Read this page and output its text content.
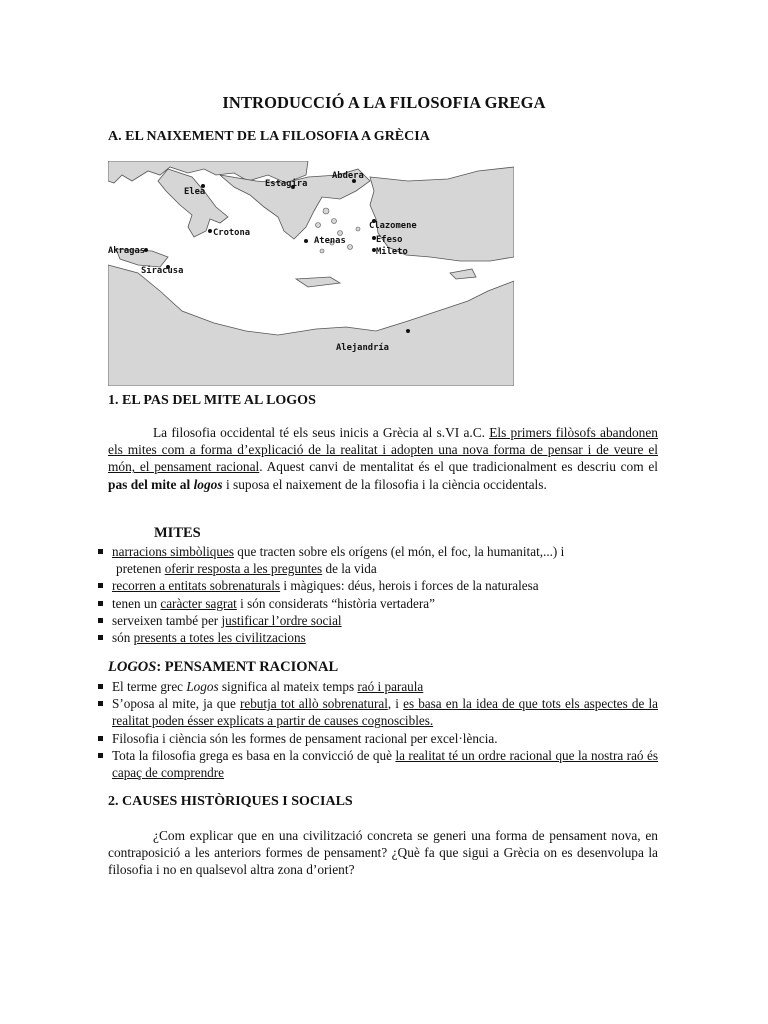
INTRODUCCIÓ A LA FILOSOFIA GREGA
A. EL NAIXEMENT DE LA FILOSOFIA A GRÈCIA
Abdera
Estagira
Elea
Clazomene
Crotona
Atenas	Efeso
Akragas	Mileto
Siracusa
Alejandría
1. EL PAS DEL MITE AL LOGOS

La filosofia occidental té els seus inicis a Grècia al s.VI a.C. Els primers filòsofs abandonen els mites com a forma d’explicació de la realitat i adopten una nova forma de pensar i de veure el món, el pensament racional. Aquest canvi de mentalitat és el que tradicionalment es descriu com el pas del mite al logos i suposa el naixement de la filosofia i la ciència occidentals.

MITES
narracions simbòliques que tracten sobre els orígens (el món, el foc, la humanitat,...) i
pretenen oferir resposta a les preguntes de la vida
recorren a entitats sobrenaturals i màgiques: déus, herois i forces de la naturalesa
tenen un caràcter sagrat i són considerats “història vertadera”
serveixen també per justificar l’ordre social
són presents a totes les civilitzacions
LOGOS: PENSAMENT RACIONAL
El terme grec Logos significa al mateix temps raó i paraula
S’oposa al mite, ja que rebutja tot allò sobrenatural, i es basa en la idea de que tots els aspectes de la realitat poden ésser explicats a partir de causes cognoscibles.
Filosofia i ciència són les formes de pensament racional per excel·lència.
Tota la filosofia grega es basa en la convicció de què la realitat té un ordre racional que la nostra raó és capaç de comprendre
2. CAUSES HISTÒRIQUES I SOCIALS

¿Com explicar que en una civilització concreta se generi una forma de pensament nova, en contraposició a les anteriors formes de pensament? ¿Què fa que sigui a Grècia on es desenvolupa la filosofia i no en qualsevol altra zona d’orient?
